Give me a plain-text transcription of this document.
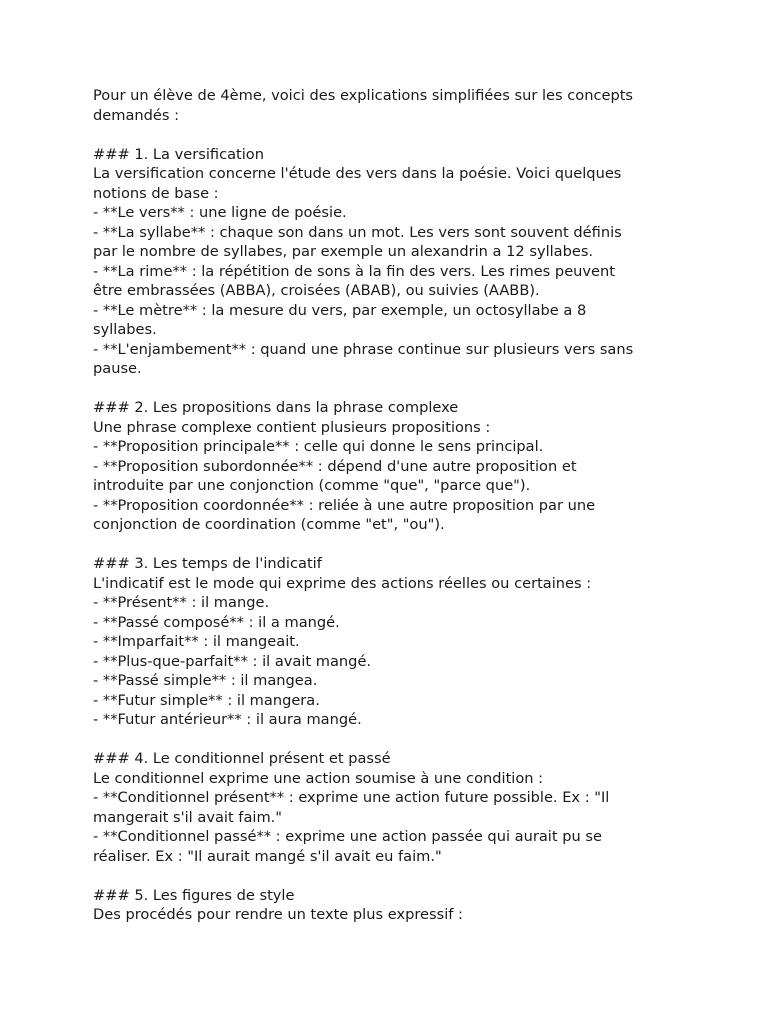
Pour un élève de 4ème, voici des explications simplifiées sur les concepts
demandés :
### 1. La versification
La versification concerne l'étude des vers dans la poésie. Voici quelques
notions de base :
- **Le vers** : une ligne de poésie.
- **La syllabe** : chaque son dans un mot. Les vers sont souvent définis
par le nombre de syllabes, par exemple un alexandrin a 12 syllabes.
- **La rime** : la répétition de sons à la fin des vers. Les rimes peuvent
être embrassées (ABBA), croisées (ABAB), ou suivies (AABB).
- **Le mètre** : la mesure du vers, par exemple, un octosyllabe a 8
syllabes.
- **L'enjambement** : quand une phrase continue sur plusieurs vers sans
pause.
### 2. Les propositions dans la phrase complexe
Une phrase complexe contient plusieurs propositions :
- **Proposition principale** : celle qui donne le sens principal.
- **Proposition subordonnée** : dépend d'une autre proposition et
introduite par une conjonction (comme "que", "parce que").
- **Proposition coordonnée** : reliée à une autre proposition par une
conjonction de coordination (comme "et", "ou").
### 3. Les temps de l'indicatif
L'indicatif est le mode qui exprime des actions réelles ou certaines :
- **Présent** : il mange.
- **Passé composé** : il a mangé.
- **Imparfait** : il mangeait.
- **Plus-que-parfait** : il avait mangé.
- **Passé simple** : il mangea.
- **Futur simple** : il mangera.
- **Futur antérieur** : il aura mangé.
### 4. Le conditionnel présent et passé
Le conditionnel exprime une action soumise à une condition :
- **Conditionnel présent** : exprime une action future possible. Ex : "Il
mangerait s'il avait faim."
- **Conditionnel passé** : exprime une action passée qui aurait pu se
réaliser. Ex : "Il aurait mangé s'il avait eu faim."
### 5. Les figures de style
Des procédés pour rendre un texte plus expressif :
